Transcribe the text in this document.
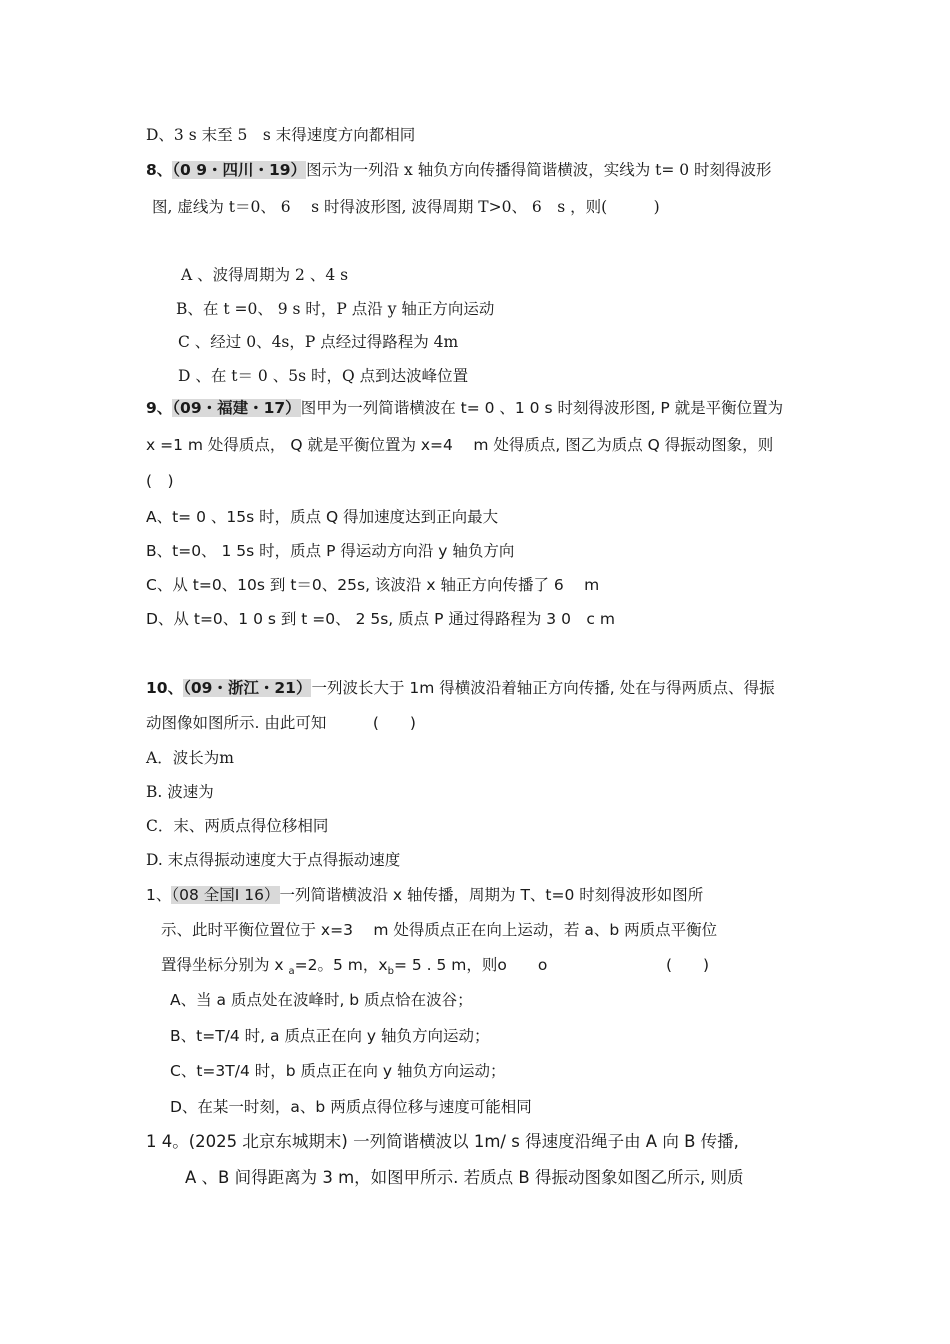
D、3 s 末至 5　s 末得速度方向都相同
8、（0 9・四川・19）图示为一列沿 x 轴负方向传播得简谐横波，实线为 t= 0 时刻得波形
图, 虚线为 t＝0、 6　 s 时得波形图, 波得周期 T>0、 6　s ，则(　　　)
A 、波得周期为 2 、4 s
B、在 t =0、 9 s 时，P 点沿 y 轴正方向运动
C 、经过 0、4s，P 点经过得路程为 4m
D 、在 t＝ 0 、5s 时，Q 点到达波峰位置
9、（09・福建・17）图甲为一列简谐横波在 t= 0 、1 0 s 时刻得波形图, P 就是平衡位置为
x =1 m 处得质点， Q 就是平衡位置为 x=4　 m 处得质点, 图乙为质点 Q 得振动图象，则
(　)
A、t= 0 、15s 时，质点 Q 得加速度达到正向最大
B、t=0、 1 5s 时，质点 P 得运动方向沿 y 轴负方向
C、从 t=0、10s 到 t＝0、25s, 该波沿 x 轴正方向传播了 6　 m
D、从 t=0、1 0 s 到 t =0、 2 5s, 质点 P 通过得路程为 3 0　c m
10、（09・浙江・21）一列波长大于 1m 得横波沿着轴正方向传播, 处在与得两质点、得振
动图像如图所示. 由此可知　　　(　　)
A．波长为m
B. 波速为
C．末、两质点得位移相同
D. 末点得振动速度大于点得振动速度
1、（08 全国Ⅰ 16）一列简谐横波沿 x 轴传播，周期为 T、t=0 时刻得波形如图所
示、此时平衡位置位于 x=3　 m 处得质点正在向上运动，若 a、b 两质点平衡位
置得坐标分别为 x $_a$=2。5 m，$x_b= 5$ . 5 m，则ο　　ο	(　　)
A、当 a 质点处在波峰时, b 质点恰在波谷；
B、t=T/4 时, a 质点正在向 y 轴负方向运动；
C、t=3T/4 时，b 质点正在向 y 轴负方向运动；
D、在某一时刻，a、b 两质点得位移与速度可能相同
1 4。(2025 北京东城期末) 一列简谐横波以 1m/ s 得速度沿绳子由 A 向 B 传播,
A 、B 间得距离为 3 m，如图甲所示. 若质点 B 得振动图象如图乙所示, 则质
